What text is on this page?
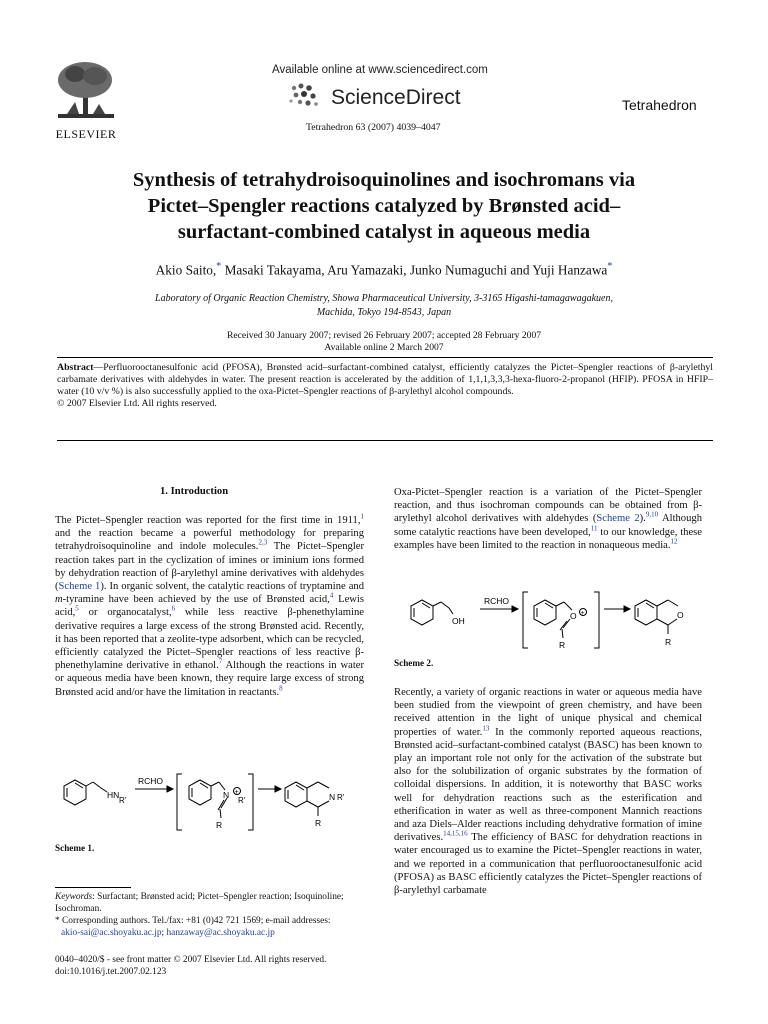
ELSEVIER
Available online at www.sciencedirect.com
ScienceDirect	Tetrahedron
Tetrahedron 63 (2007) 4039–4047
Synthesis of tetrahydroisoquinolines and isochromans via
Pictet–Spengler reactions catalyzed by Brønsted acid–
surfactant-combined catalyst in aqueous media
Akio Saito,* Masaki Takayama, Aru Yamazaki, Junko Numaguchi and Yuji Hanzawa*
Laboratory of Organic Reaction Chemistry, Showa Pharmaceutical University, 3-3165 Higashi-tamagawagakuen,
Machida, Tokyo 194-8543, Japan
Received 30 January 2007; revised 26 February 2007; accepted 28 February 2007
Available online 2 March 2007
Abstract—Perfluorooctanesulfonic acid (PFOSA), Brønsted acid–surfactant-combined catalyst, efficiently catalyzes the Pictet–Spengler reactions of β-arylethyl carbamate derivatives with aldehydes in water. The present reaction is accelerated by the addition of 1,1,1,3,3,3-hexa-fluoro-2-propanol (HFIP). PFOSA in HFIP–water (10 v/v %) is also successfully applied to the oxa-Pictet–Spengler reactions of β-arylethyl alcohol compounds.
© 2007 Elsevier Ltd. All rights reserved.
1. Introduction

The Pictet–Spengler reaction was reported for the first time in 1911,$^1$ and the reaction became a powerful methodology for preparing tetrahydroisoquinoline and indole molecules.$^{2,3}$ The Pictet–Spengler reaction takes part in the cyclization of imines or iminium ions formed by dehydration reaction of β-arylethyl amine derivatives with aldehydes (Scheme 1). In organic solvent, the catalytic reactions of tryptamine and m-tyramine have been achieved by the use of Brønsted acid,$^4$ Lewis acid,$^5$ or organocatalyst,$^6$ while less reactive β-phenethylamine derivative requires a large excess of the strong Brønsted acid. Recently, it has been reported that a zeolite-type adsorbent, which can be recycled, efficiently catalyzed the Pictet–Spengler reactions of less reactive β-phenethylamine derivative in ethanol.$^7$ Although the reactions in water or aqueous media have been known, they require large excess of strong Brønsted acid and/or have the limitation in reactants.$^8$

HN
R'
RCHO
N +
R'
R
N R'
R
Scheme 1.
Keywords: Surfactant; Brønsted acid; Pictet–Spengler reaction; Isoquinoline; Isochroman.
* Corresponding authors. Tel./fax: +81 (0)42 721 1569; e-mail addresses:
akio-sai@ac.shoyaku.ac.jp; hanzaway@ac.shoyaku.ac.jp
0040–4020/$ - see front matter © 2007 Elsevier Ltd. All rights reserved.
doi:10.1016/j.tet.2007.02.123

Oxa-Pictet–Spengler reaction is a variation of the Pictet–Spengler reaction, and thus isochroman compounds can be obtained from β-arylethyl alcohol derivatives with aldehydes (Scheme 2).$^{9,10}$ Although some catalytic reactions have been developed,$^{11}$ to our knowledge, these examples have been limited to the reaction in nonaqueous media.$^{12}$

OH
RCHO
O +
R
O
R
Scheme 2.

Recently, a variety of organic reactions in water or aqueous media have been studied from the viewpoint of green chemistry, and have been received attention in the light of unique physical and chemical properties of water.$^{13}$ In the commonly reported aqueous reactions, Brønsted acid–surfactant-combined catalyst (BASC) has been known to play an important role not only for the activation of the substrate but also for the solubilization of organic substrates by the formation of colloidal dispersions. In addition, it is noteworthy that BASC works well for dehydration reactions such as the esterification and etherification in water as well as three-component Mannich reactions and aza Diels–Alder reactions including dehydrative formation of imine derivatives.$^{14,15,16}$ The efficiency of BASC for dehydration reactions in water encouraged us to examine the Pictet–Spengler reactions in water, and we reported in a communication that perfluorooctanesulfonic acid (PFOSA) as BASC efficiently catalyzes the Pictet–Spengler reactions of β-arylethyl carbamate
